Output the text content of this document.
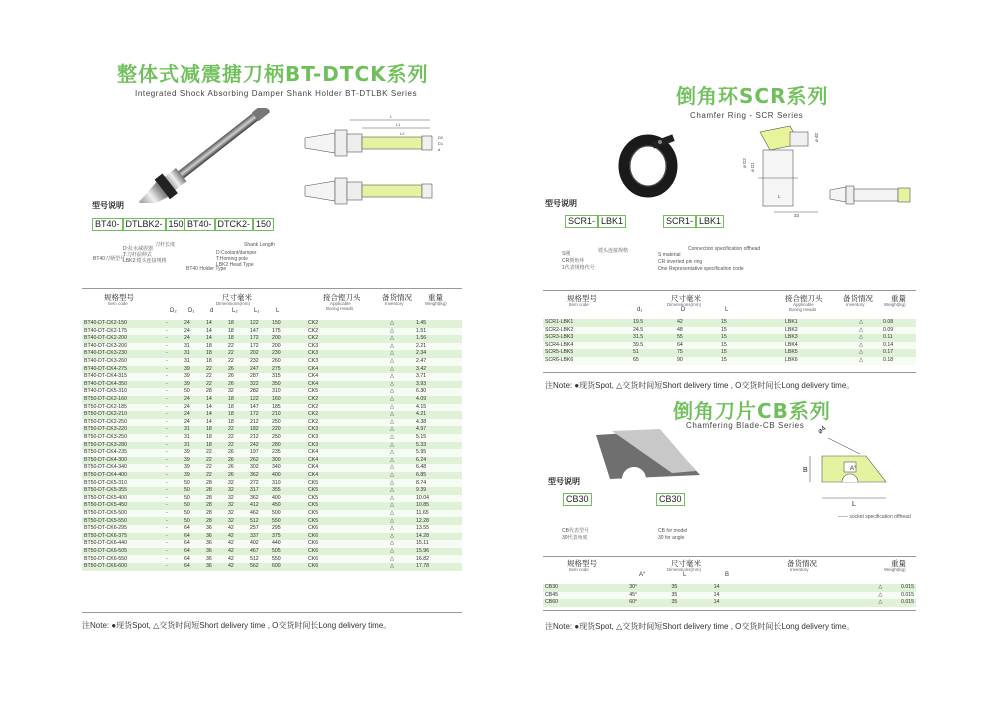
整体式减震搪刀柄BT-DTCK系列
Integrated Shock Absorbing Damper Shank Holder BT-DTLBK Series
L
L1
L2
D2
D1
d
型号说明
BT40- DTLBK2- 150
BT40刀柄型号
D:抗水减震器
T:刀杆前伸式
LBK2:镗头连接规格
刀杆长度
BT40- DTCK2- 150
BT40 Holder Type
D:Coolant/damper
T:Homing pole
LBK2 Head Type
Shank Length
规格型号
Item code
尺寸毫米
Dimensions(mm)
D₂ D₁	d	L₂	L₁	L
接合镗刀头
Applicable
Boring Heads
备货情况
Inventory
重量
Weight(kg)
BT40-DT-CK2-150	-	24	14	18	122	150	CK2	△	1.45
BT40-DT-CK2-175	-	24	14	18	147	175	CK2	△	1.51
BT40-DT-CK2-200	-	24	14	18	172	200	CK2	△	1.56
BT40-DT-CK3-200	-	31	18	22	172	200	CK3	△	2.21
BT40-DT-CK3-230	-	31	18	22	202	230	CK3	△	2.34
BT40-DT-CK3-260	-	31	18	22	232	260	CK3	△	2.47
BT40-DT-CK4-275	-	39	22	26	247	275	CK4	△	3.42
BT40-DT-CK4-315	-	39	22	26	287	315	CK4	△	3.71
BT40-DT-CK4-350	-	39	22	26	322	350	CK4	△	3.93
BT40-DT-CK5-310	-	50	28	32	282	310	CK5	△	6.30
BT50-DT-CK2-160	-	24	14	18	122	160	CK2	△	4.09
BT50-DT-CK2-185	-	24	14	18	147	185	CK2	△	4.15
BT50-DT-CK2-210	-	24	14	18	172	210	CK2	△	4.21
BT50-DT-CK2-250	-	24	14	18	212	250	CK2	△	4.38
BT50-DT-CK3-220	-	31	18	22	182	220	CK3	△	4.97
BT50-DT-CK3-250	-	31	18	22	212	250	CK3	△	5.15
BT50-DT-CK3-280	-	31	18	22	242	280	CK3	△	5.33
BT50-DT-CK4-235	-	39	22	26	197	235	CK4	△	5.95
BT50-DT-CK4-300	-	39	22	26	262	300	CK4	△	6.24
BT50-DT-CK4-340	-	39	22	26	302	340	CK4	△	6.48
BT50-DT-CK4-400	-	39	22	26	362	400	CK4	△	6.85
BT50-DT-CK5-310	-	50	28	32	272	310	CK5	△	8.74
BT50-DT-CK5-355	-	50	28	32	317	355	CK5	△	9.39
BT50-DT-CK5-400	-	50	28	32	362	400	CK5	△	10.04
BT50-DT-CK5-450	-	50	28	32	412	450	CK5	△	10.85
BT50-DT-CK5-500	-	50	28	32	462	500	CK5	△	11.65
BT50-DT-CK5-550	-	50	28	32	512	550	CK5	△	12.28
BT50-DT-CK6-295	-	64	36	42	257	295	CK6	△	13.55
BT50-DT-CK6-375	-	64	36	42	337	375	CK6	△	14.28
BT50-DT-CK6-440	-	64	36	42	402	440	CK6	△	15.11
BT50-DT-CK6-505	-	64	36	42	467	505	CK6	△	15.96
BT50-DT-CK6-550	-	64	36	42	512	550	CK6	△	16.82
BT50-DT-CK6-600	-	64	36	42	562	600	CK6	△	17.78
注Note: ●现货Spot, △交货时间短Short delivery time , O交货时间长Long delivery time。
倒角环SCR系列
Chamfer Ring - SCR Series
ø D2 ø D1
L
33
ø d2
型号说明
SCR1- LBK1
S刚
CR倒角环
1代表规格代号
镗头连接规格
SCR1- LBK1
S material
CR inverted pin ring
One Representative specification code
Connection specification offhead
规格型号
Item code
尺寸毫米
Dimensions(mm)
d₁	D	L
接合镗刀头
Applicable
Boring Heads
备货情况
Inventory
重量
Weight(kg)
SCR1-LBK1	19.5	42	15	LBK1	△	0.08
SCR2-LBK2	24.5	48	15	LBK2	△	0.09
SCR3-LBK3	31.5	55	15	LBK3	△	0.11
SCR4-LBK4	39.5	64	15	LBK4	△	0.14
SCR5-LBK5	51	75	15	LBK5	△	0.17
SCR6-LBK6	65	90	15	LBK6	△	0.18
注Note: ●现货Spot, △交货时间短Short delivery time , O交货时间长Long delivery time。
倒角刀片CB系列
Chamfering Blade-CB Series ø4
A°
B
L
—— socket specification offhead
型号说明
CB30
CB代表型号
30代表角度
CB30
CB for model
30 for angle
规格型号
Item code
尺寸毫米
Dimensions(mm)
A°	L	B
备货情况
Inventory
重量
Weight(kg)
CB30	30°	35	14	△	0.015
CB45	45°	35	14	△	0.015
CB60	60°	35	14	△	0.015
注Note: ●现货Spot, △交货时间短Short delivery time , O交货时间长Long delivery time。
